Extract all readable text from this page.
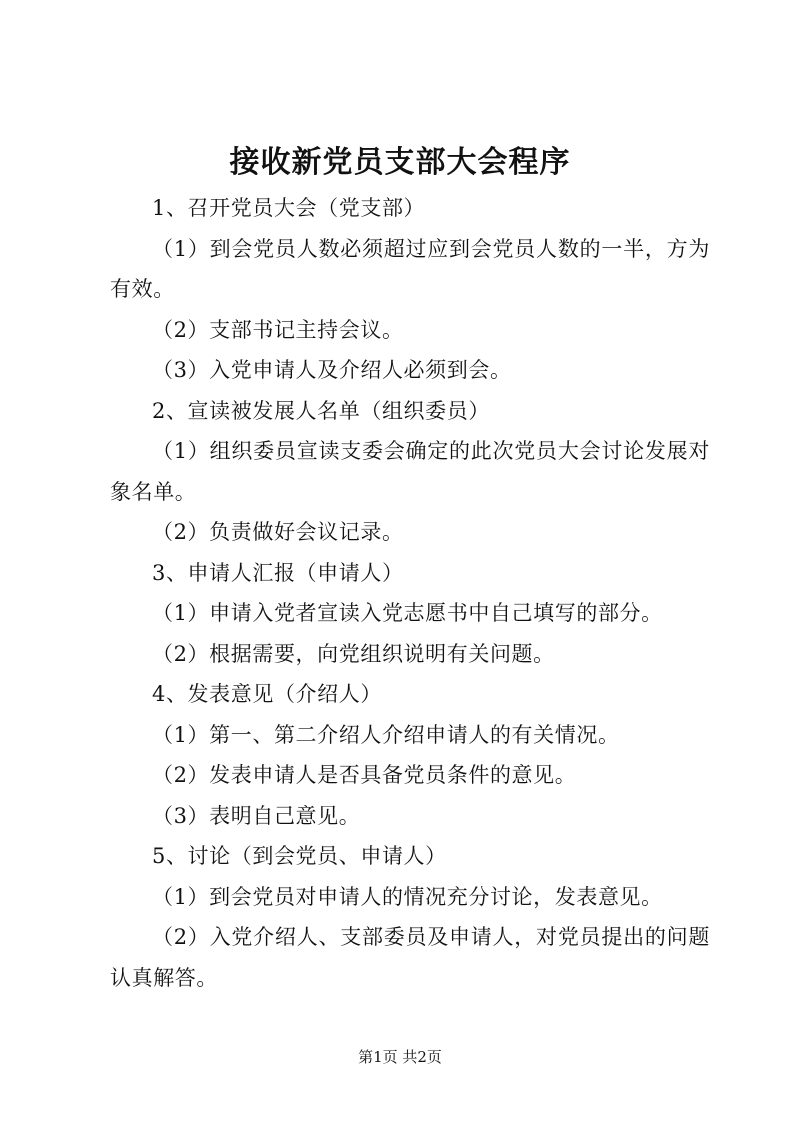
接收新党员支部大会程序

1、召开党员大会（党支部）

（1）到会党员人数必须超过应到会党员人数的一半，方为有效。

（2）支部书记主持会议。

（3）入党申请人及介绍人必须到会。

2、宣读被发展人名单（组织委员）

（1）组织委员宣读支委会确定的此次党员大会讨论发展对象名单。

（2）负责做好会议记录。

3、申请人汇报（申请人）

（1）申请入党者宣读入党志愿书中自己填写的部分。

（2）根据需要，向党组织说明有关问题。

4、发表意见（介绍人）

（1）第一、第二介绍人介绍申请人的有关情况。

（2）发表申请人是否具备党员条件的意见。

（3）表明自己意见。

5、讨论（到会党员、申请人）

（1）到会党员对申请人的情况充分讨论，发表意见。

（2）入党介绍人、支部委员及申请人，对党员提出的问题认真解答。

第1页 共2页
